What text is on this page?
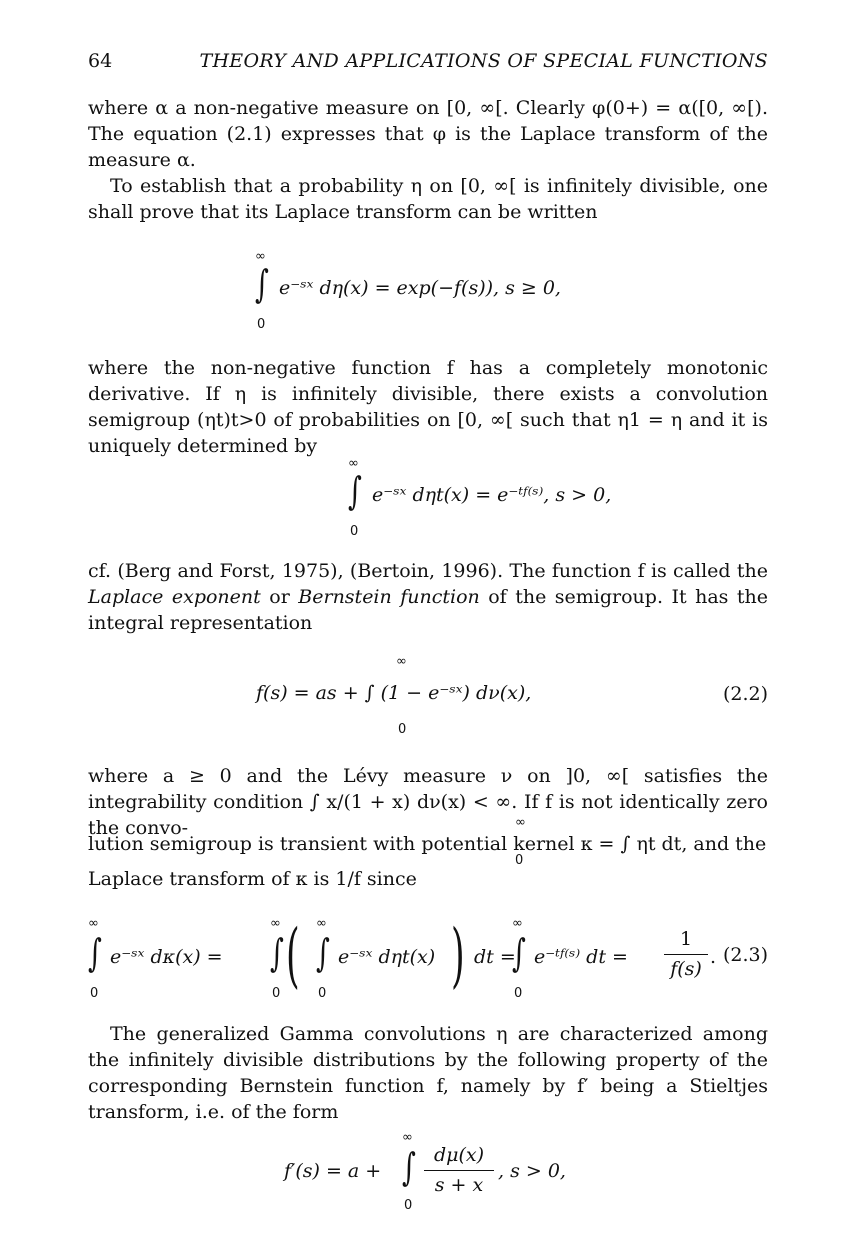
64	THEORY AND APPLICATIONS OF SPECIAL FUNCTIONS
where α a non-negative measure on [0, ∞[. Clearly φ(0+) = α([0, ∞[). The equation (2.1) expresses that φ is the Laplace transform of the measure α.
To establish that a probability η on [0, ∞[ is infinitely divisible, one shall prove that its Laplace transform can be written
∞
∫
0
e⁻ˢˣ dη(x) = exp(−f(s)), s ≥ 0,
where the non-negative function f has a completely monotonic derivative. If η is infinitely divisible, there exists a convolution semigroup (ηt)t>0 of probabilities on [0, ∞[ such that η1 = η and it is uniquely determined by
∞
∫
0
e⁻ˢˣ dηt(x) = e⁻ᵗᶠ⁽ˢ⁾, s > 0,
cf. (Berg and Forst, 1975), (Bertoin, 1996). The function f is called the Laplace exponent or Bernstein function of the semigroup. It has the integral representation
f(s) = as + ∫ (1 − e⁻ˢˣ) dν(x),
∞
0
(2.2)
where a ≥ 0 and the Lévy measure ν on ]0, ∞[ satisfies the integrability condition ∫ x/(1 + x) dν(x) < ∞. If f is not identically zero the convo-	∞
lution semigroup is transient with potential kernel κ = ∫ ηt dt, and the
0
Laplace transform of κ is 1/f since
∞
∫
0
e⁻ˢˣ dκ(x) =
∞
∫
0 ( ∞
∫
0
e⁻ˢˣ dηt(x) ) dt =
∞
∫
0
e⁻ᵗᶠ⁽ˢ⁾ dt =
1
f(s)
. (2.3)
The generalized Gamma convolutions η are characterized among the infinitely divisible distributions by the following property of the corresponding Bernstein function f, namely by f′ being a Stieltjes transform, i.e. of the form
f′(s) = a +
∞
∫
0
dμ(x)
s + x
, s > 0,
